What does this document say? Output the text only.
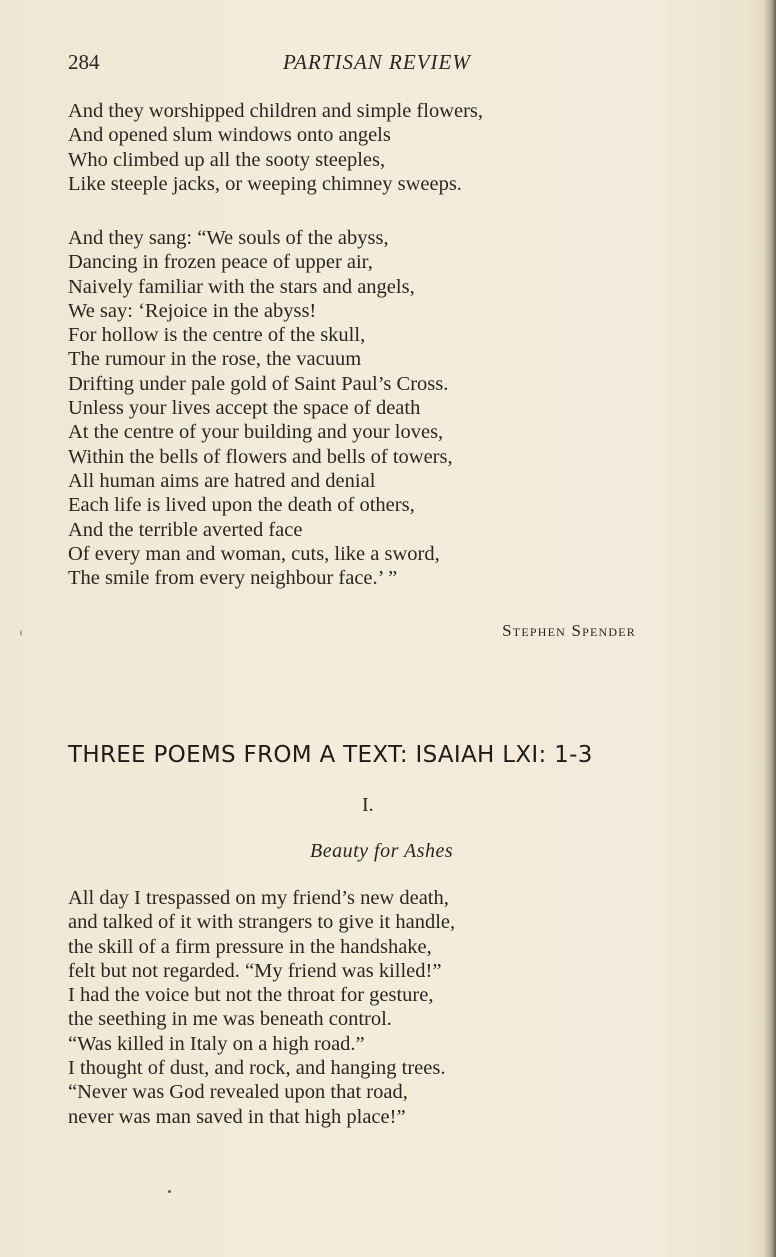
284	PARTISAN REVIEW
And they worshipped children and simple flowers,
And opened slum windows onto angels
Who climbed up all the sooty steeples,
Like steeple jacks, or weeping chimney sweeps.
And they sang: “We souls of the abyss,
Dancing in frozen peace of upper air,
Naively familiar with the stars and angels,
We say: ‘Rejoice in the abyss!
For hollow is the centre of the skull,
The rumour in the rose, the vacuum
Drifting under pale gold of Saint Paul’s Cross.
Unless your lives accept the space of death
At the centre of your building and your loves,
Within the bells of flowers and bells of towers,
All human aims are hatred and denial
Each life is lived upon the death of others,
And the terrible averted face
Of every man and woman, cuts, like a sword,
The smile from every neighbour face.’ ”
Stephen Spender
THREE POEMS FROM A TEXT: ISAIAH LXI: 1-3
I.
Beauty for Ashes
All day I trespassed on my friend’s new death,
and talked of it with strangers to give it handle,
the skill of a firm pressure in the handshake,
felt but not regarded. “My friend was killed!”
I had the voice but not the throat for gesture,
the seething in me was beneath control.
“Was killed in Italy on a high road.”
I thought of dust, and rock, and hanging trees.
“Never was God revealed upon that road,
never was man saved in that high place!”
